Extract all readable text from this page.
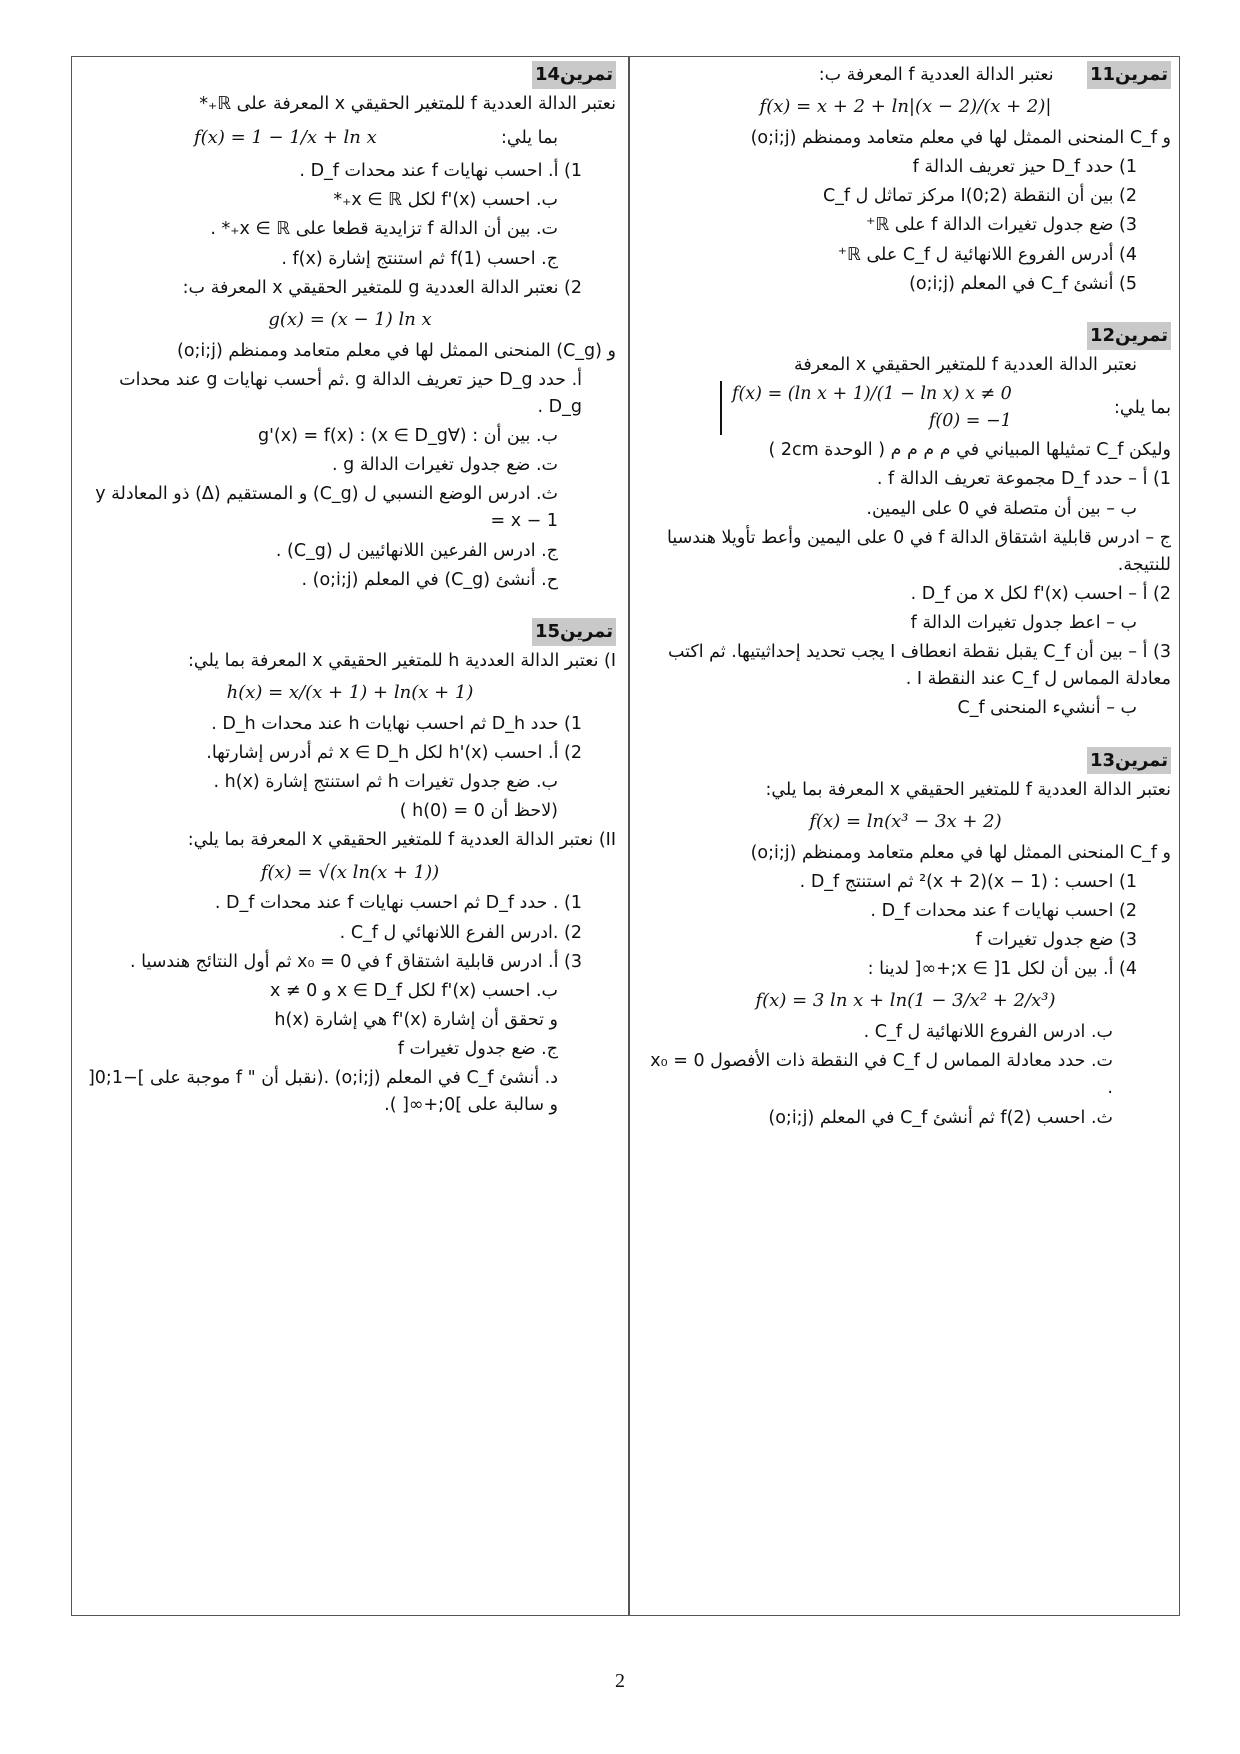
تمرين11      نعتبر الدالة العددية f المعرفة ب:
f(x) = x + 2 + ln|(x − 2)/(x + 2)|
و C_f المنحنى الممثل لها في معلم متعامد وممنظم (o;i;j)
1) حدد D_f حيز تعريف الدالة f
2) بين أن النقطة I(0;2) مركز تماثل ل C_f
3) ضع جدول تغيرات الدالة f على ℝ⁺
4) أدرس الفروع اللانهائية ل C_f على ℝ⁺
5) أنشئ C_f في المعلم (o;i;j)
تمرين12
نعتبر الدالة العددية f للمتغير الحقيقي x المعرفة
بما يلي:
f(x) = (ln x + 1)/(1 − ln x) x ≠ 0
f(0) = −1
وليكن C_f تمثيلها المبياني في م م م م ( الوحدة 2cm )
1) أ – حدد D_f مجموعة تعريف الدالة f .
ب – بين أن متصلة في 0 على اليمين.
ج – ادرس قابلية اشتقاق الدالة f في 0 على اليمين وأعط تأويلا هندسيا للنتيجة.
2) أ – احسب f'(x) لكل x من D_f .
ب – اعط جدول تغيرات الدالة f
3) أ – بين أن C_f يقبل نقطة انعطاف I يجب تحديد إحداثيتيها. ثم اكتب معادلة المماس ل C_f عند النقطة I .
ب – أنشيء المنحنى C_f
تمرين13
نعتبر الدالة العددية f للمتغير الحقيقي x المعرفة بما يلي:
f(x) = ln(x³ − 3x + 2)
و C_f المنحنى الممثل لها في معلم متعامد وممنظم (o;i;j)
1) احسب : (x − 1)²(x + 2) ثم استنتج D_f .
2) احسب نهايات f عند محدات D_f .
3) ضع جدول تغيرات f
4) أ. بين أن لكل x ∈ ]1;+∞[ لدينا :
f(x) = 3 ln x + ln(1 − 3/x² + 2/x³)
ب. ادرس الفروع اللانهائية ل C_f .
ت. حدد معادلة المماس ل C_f في النقطة ذات الأفصول x₀ = 0 .
ث. احسب f(2) ثم أنشئ C_f في المعلم (o;i;j)
تمرين14
نعتبر الدالة العددية f للمتغير الحقيقي x المعرفة على ℝ₊*
بما يلي:
f(x) = 1 − 1/x + ln x
1) أ. احسب نهايات f عند محدات D_f .
ب. احسب f'(x) لكل x ∈ ℝ₊*
ت. بين أن الدالة f تزايدية قطعا على x ∈ ℝ₊* .
ج. احسب f(1) ثم استنتج إشارة f(x) .
2) نعتبر الدالة العددية g للمتغير الحقيقي x المعرفة ب:
g(x) = (x − 1) ln x
و (C_g) المنحنى الممثل لها في معلم متعامد وممنظم (o;i;j)
أ. حدد D_g حيز تعريف الدالة g .ثم أحسب نهايات g عند محدات D_g .
ب. بين أن : (∀x ∈ D_g) : g'(x) = f(x)
ت. ضع جدول تغيرات الدالة g .
ث. ادرس الوضع النسبي ل (C_g) و المستقيم (Δ) ذو المعادلة y = x − 1
ج. ادرس الفرعين اللانهائيين ل (C_g) .
ح. أنشئ (C_g) في المعلم (o;i;j) .
تمرين15
I) نعتبر الدالة العددية h للمتغير الحقيقي x المعرفة بما يلي:
h(x) = x/(x + 1) + ln(x + 1)
1) حدد D_h ثم احسب نهايات h عند محدات D_h .
2) أ. احسب h'(x) لكل x ∈ D_h ثم أدرس إشارتها.
ب. ضع جدول تغيرات h ثم استنتج إشارة h(x) .
(لاحظ أن h(0) = 0 )
II) نعتبر الدالة العددية f للمتغير الحقيقي x المعرفة بما يلي:
f(x) = √(x ln(x + 1))
1) . حدد D_f ثم احسب نهايات f عند محدات D_f .
2) .ادرس الفرع اللانهائي ل C_f .
3) أ. ادرس قابلية اشتقاق f في x₀ = 0 ثم أول النتائج هندسيا .
ب. احسب f'(x) لكل x ∈ D_f و x ≠ 0
و تحقق أن إشارة f'(x) هي إشارة h(x)
ج. ضع جدول تغيرات f
د. أنشئ C_f في المعلم (o;i;j) .(نقبل أن " f موجبة على ]−1;0[ و سالبة على ]0;+∞[ ).
2
